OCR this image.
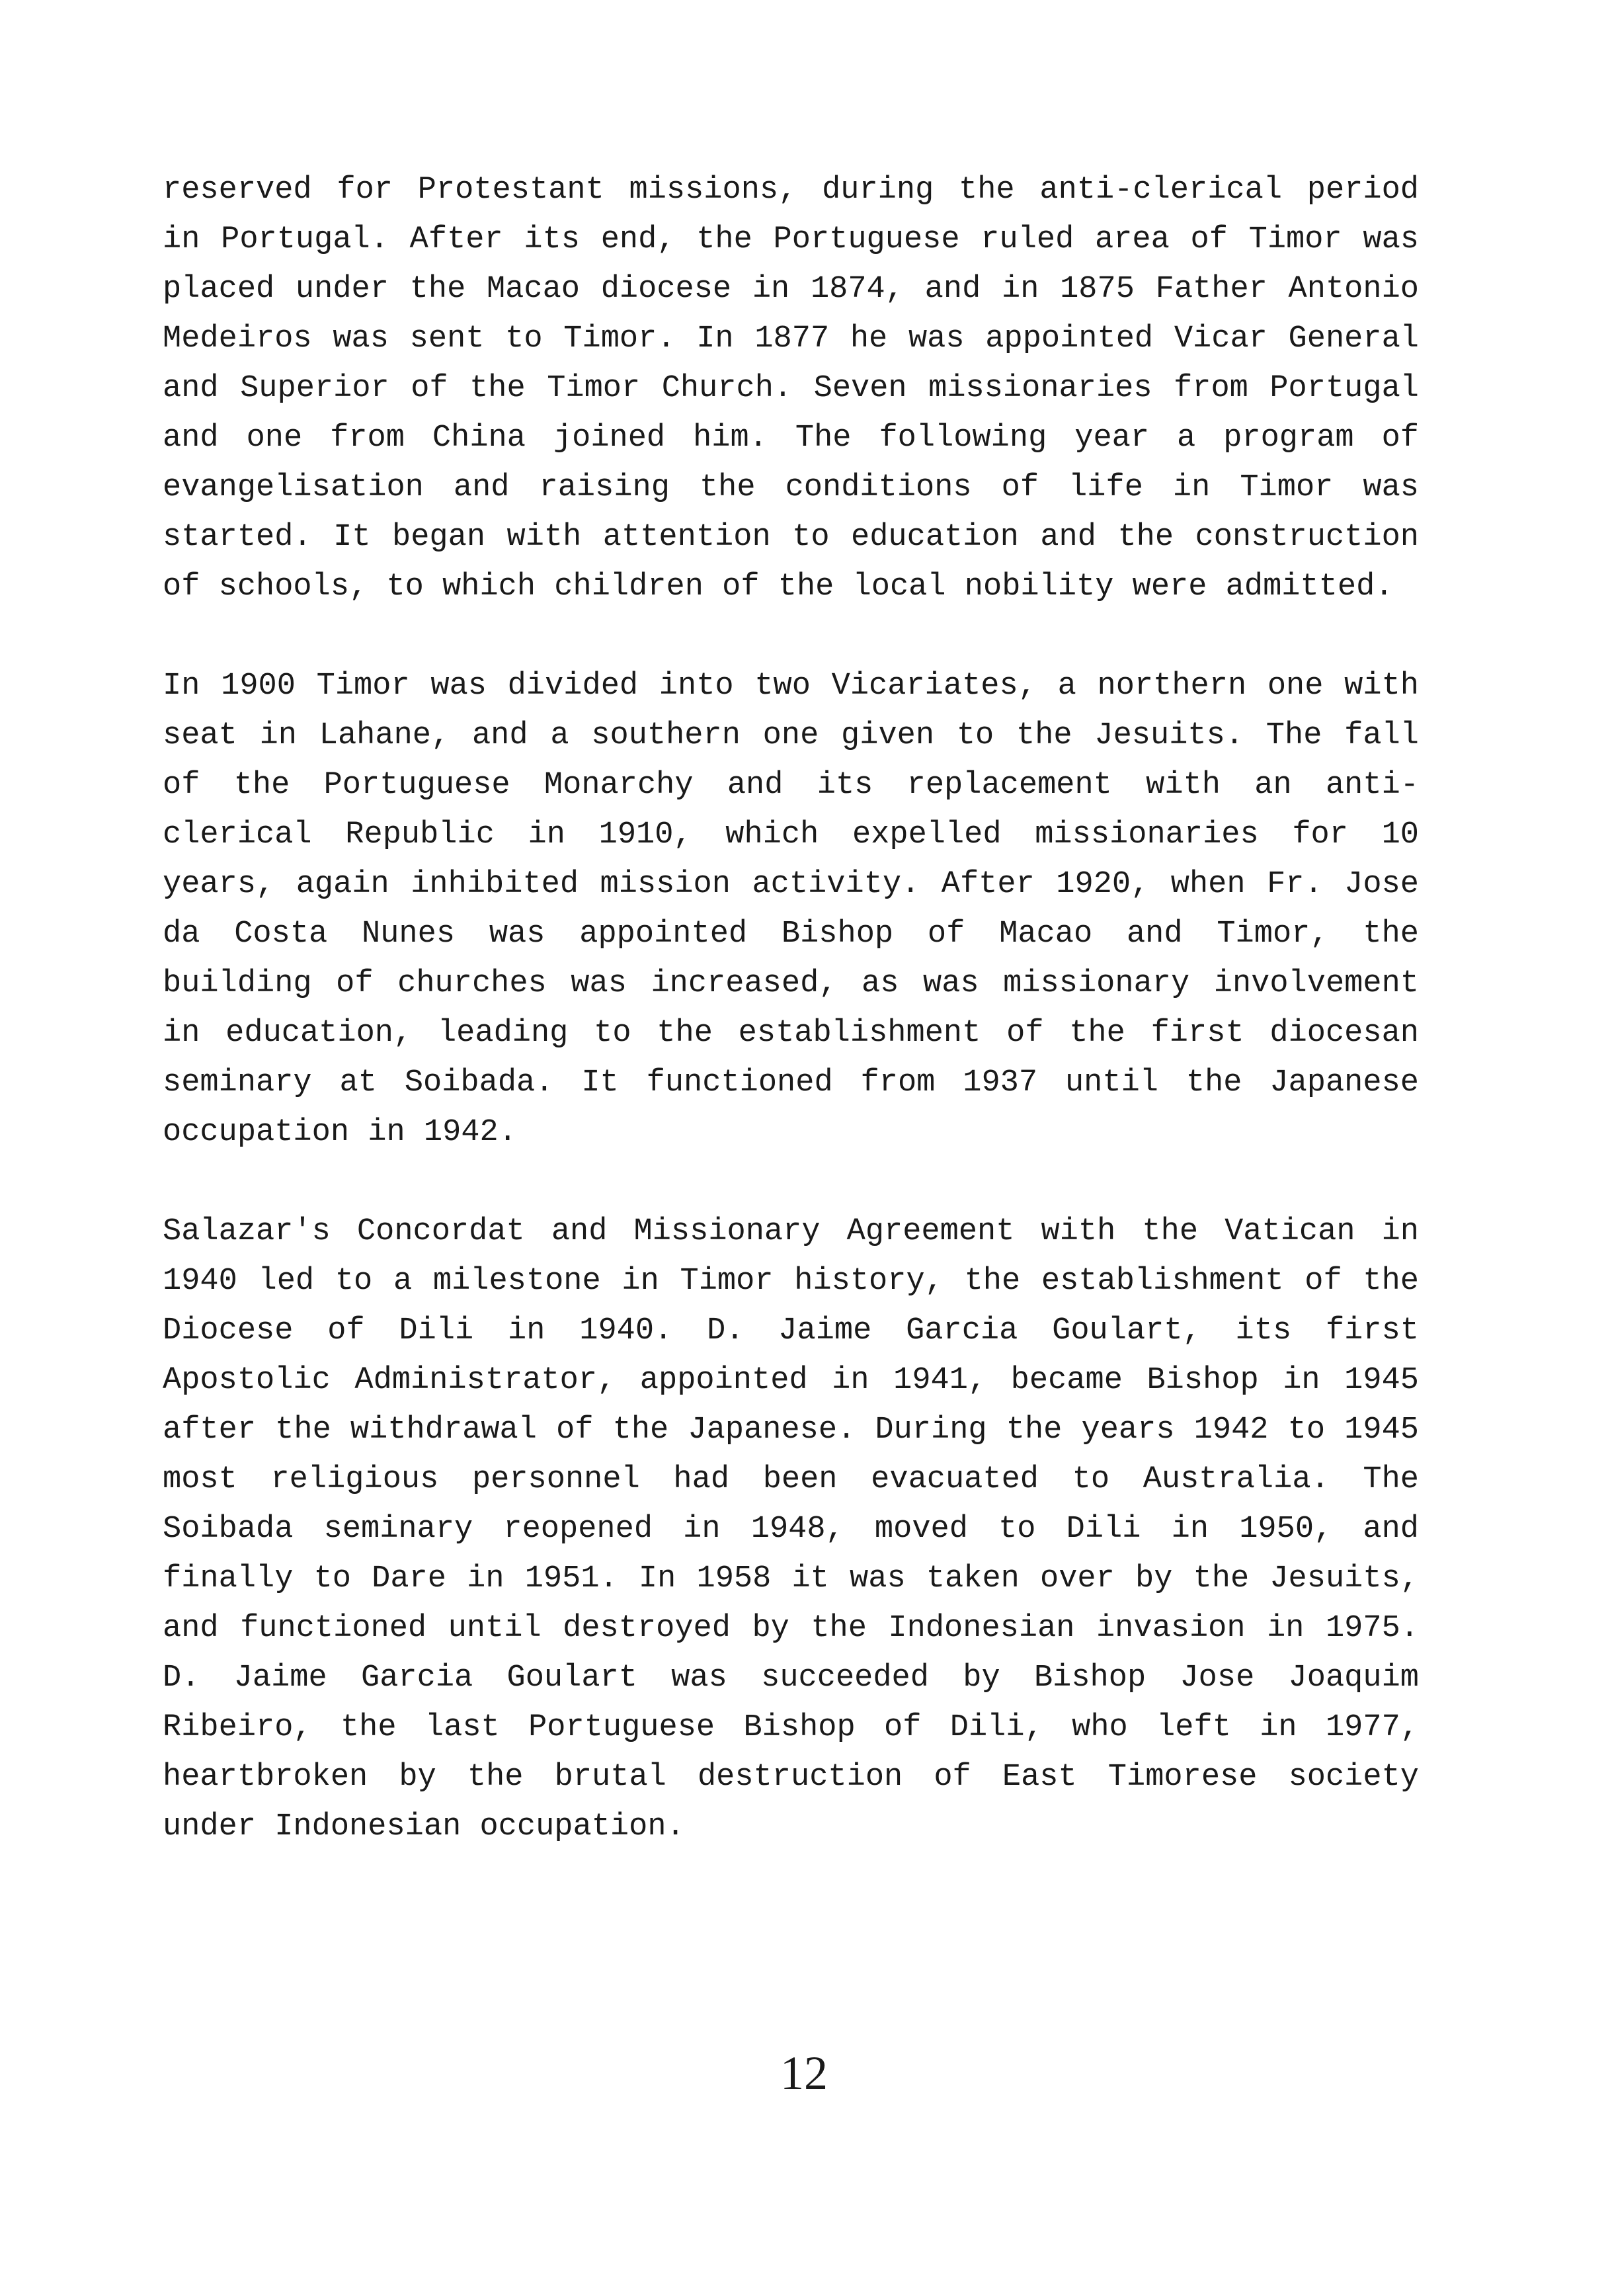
reserved for Protestant missions, during the anti-clerical period in Portugal. After its end, the Portuguese ruled area of Timor was placed under the Macao diocese in 1874, and in 1875 Father Antonio Medeiros was sent to Timor. In 1877 he was appointed Vicar General and Superior of the Timor Church. Seven missionaries from Portugal and one from China joined him. The following year a program of evangelisation and raising the conditions of life in Timor was started. It began with attention to education and the construction of schools, to which children of the local nobility were admitted.

In 1900 Timor was divided into two Vicariates, a northern one with seat in Lahane, and a southern one given to the Jesuits. The fall of the Portuguese Monarchy and its replacement with an anti-clerical Republic in 1910, which expelled missionaries for 10 years, again inhibited mission activity. After 1920, when Fr. Jose da Costa Nunes was appointed Bishop of Macao and Timor, the building of churches was increased, as was missionary involvement in education, leading to the establishment of the first diocesan seminary at Soibada. It functioned from 1937 until the Japanese occupation in 1942.

Salazar's Concordat and Missionary Agreement with the Vatican in 1940 led to a milestone in Timor history, the establishment of the Diocese of Dili in 1940. D. Jaime Garcia Goulart, its first Apostolic Administrator, appointed in 1941, became Bishop in 1945 after the withdrawal of the Japanese. During the years 1942 to 1945 most religious personnel had been evacuated to Australia. The Soibada seminary reopened in 1948, moved to Dili in 1950, and finally to Dare in 1951. In 1958 it was taken over by the Jesuits, and functioned until destroyed by the Indonesian invasion in 1975. D. Jaime Garcia Goulart was succeeded by Bishop Jose Joaquim Ribeiro, the last Portuguese Bishop of Dili, who left in 1977, heartbroken by the brutal destruction of East Timorese society under Indonesian occupation.

12
